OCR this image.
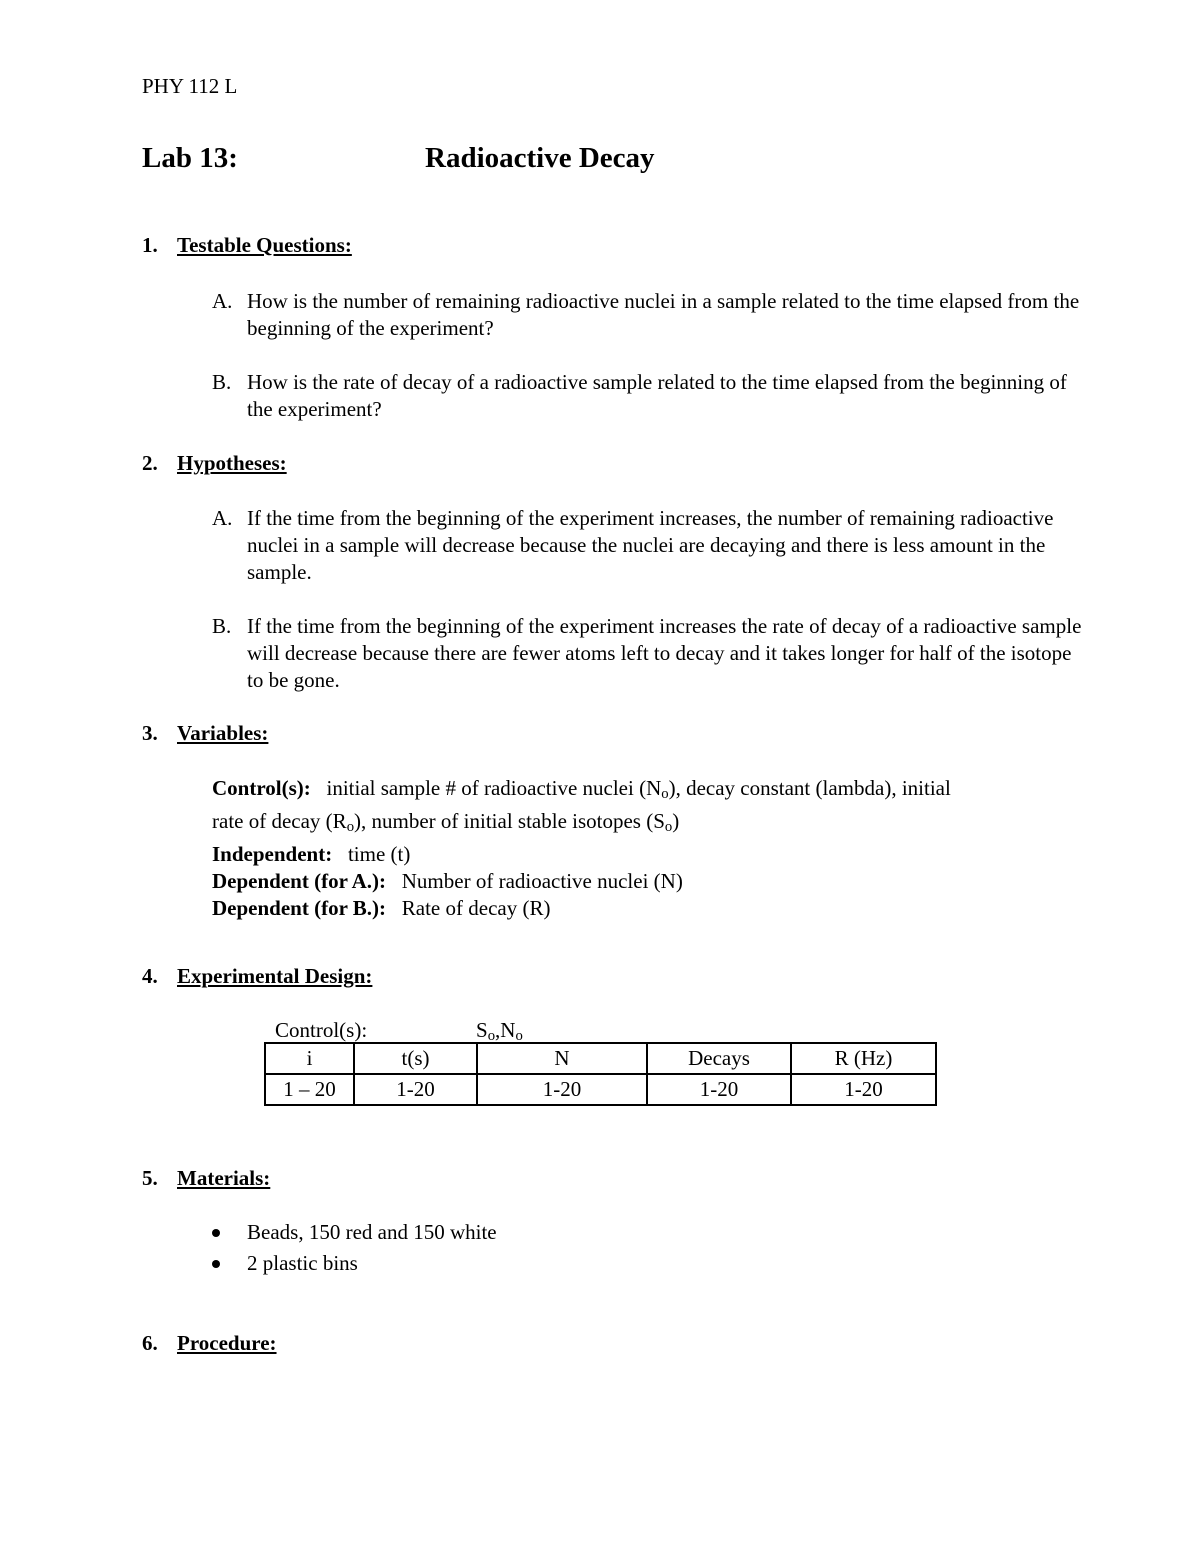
PHY 112 L
Lab 13:	Radioactive Decay
1. Testable Questions:
A. How is the number of remaining radioactive nuclei in a sample related to the time elapsed from the beginning of the experiment?
B. How is the rate of decay of a radioactive sample related to the time elapsed from the beginning of the experiment?
2. Hypotheses:
A. If the time from the beginning of the experiment increases, the number of remaining radioactive nuclei in a sample will decrease because the nuclei are decaying and there is less amount in the sample.
B. If the time from the beginning of the experiment increases the rate of decay of a radioactive sample will decrease because there are fewer atoms left to decay and it takes longer for half of the isotope to be gone.
3. Variables:
Control(s): initial sample # of radioactive nuclei $(N_o)$, decay constant (lambda), initial
rate of decay $(R_o)$, number of initial stable isotopes $(S_o)$
Independent: time (t)
Dependent (for A.): Number of radioactive nuclei (N)
Dependent (for B.): Rate of decay (R)
4. Experimental Design:
Control(s):	$S_o,N_o$
i	t(s)	N	Decays	R (Hz)
1 – 20	1-20	1-20	1-20	1-20
5. Materials:
Beads, 150 red and 150 white
2 plastic bins
6. Procedure:
